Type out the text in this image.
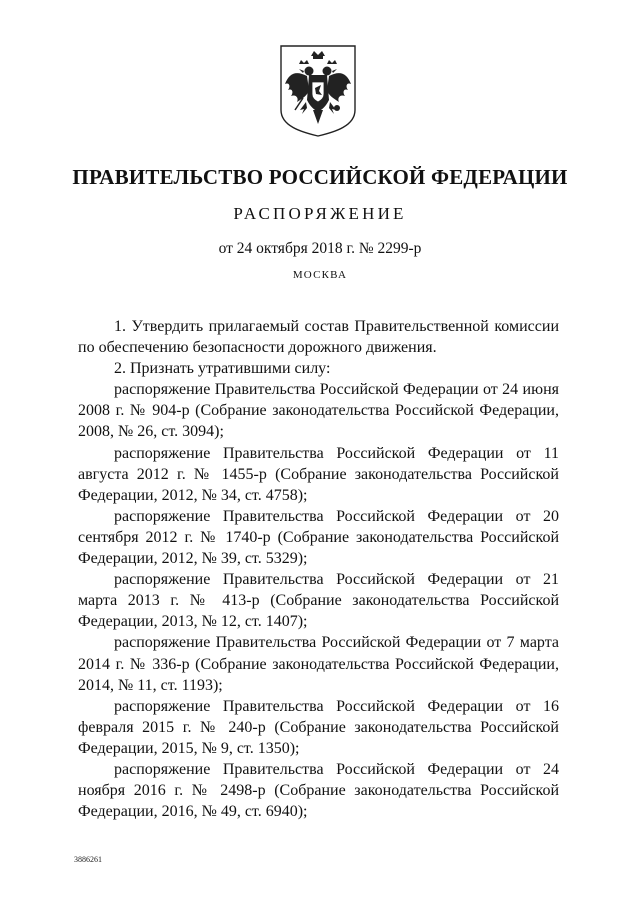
ПРАВИТЕЛЬСТВО РОССИЙСКОЙ ФЕДЕРАЦИИ
РАСПОРЯЖЕНИЕ
от 24 октября 2018 г. № 2299-р
МОСКВА

1. Утвердить прилагаемый состав Правительственной комиссии по обеспечению безопасности дорожного движения.

2. Признать утратившими силу:

распоряжение Правительства Российской Федерации от 24 июня 2008 г. № 904-р (Собрание законодательства Российской Федерации, 2008, № 26, ст. 3094);

распоряжение Правительства Российской Федерации от 11 августа 2012 г. № 1455-р (Собрание законодательства Российской Федерации, 2012, № 34, ст. 4758);

распоряжение Правительства Российской Федерации от 20 сентября 2012 г. № 1740-р (Собрание законодательства Российской Федерации, 2012, № 39, ст. 5329);

распоряжение Правительства Российской Федерации от 21 марта 2013 г. № 413-р (Собрание законодательства Российской Федерации, 2013, № 12, ст. 1407);

распоряжение Правительства Российской Федерации от 7 марта 2014 г. № 336-р (Собрание законодательства Российской Федерации, 2014, № 11, ст. 1193);

распоряжение Правительства Российской Федерации от 16 февраля 2015 г. № 240-р (Собрание законодательства Российской Федерации, 2015, № 9, ст. 1350);

распоряжение Правительства Российской Федерации от 24 ноября 2016 г. № 2498-р (Собрание законодательства Российской Федерации, 2016, № 49, ст. 6940);

3886261
